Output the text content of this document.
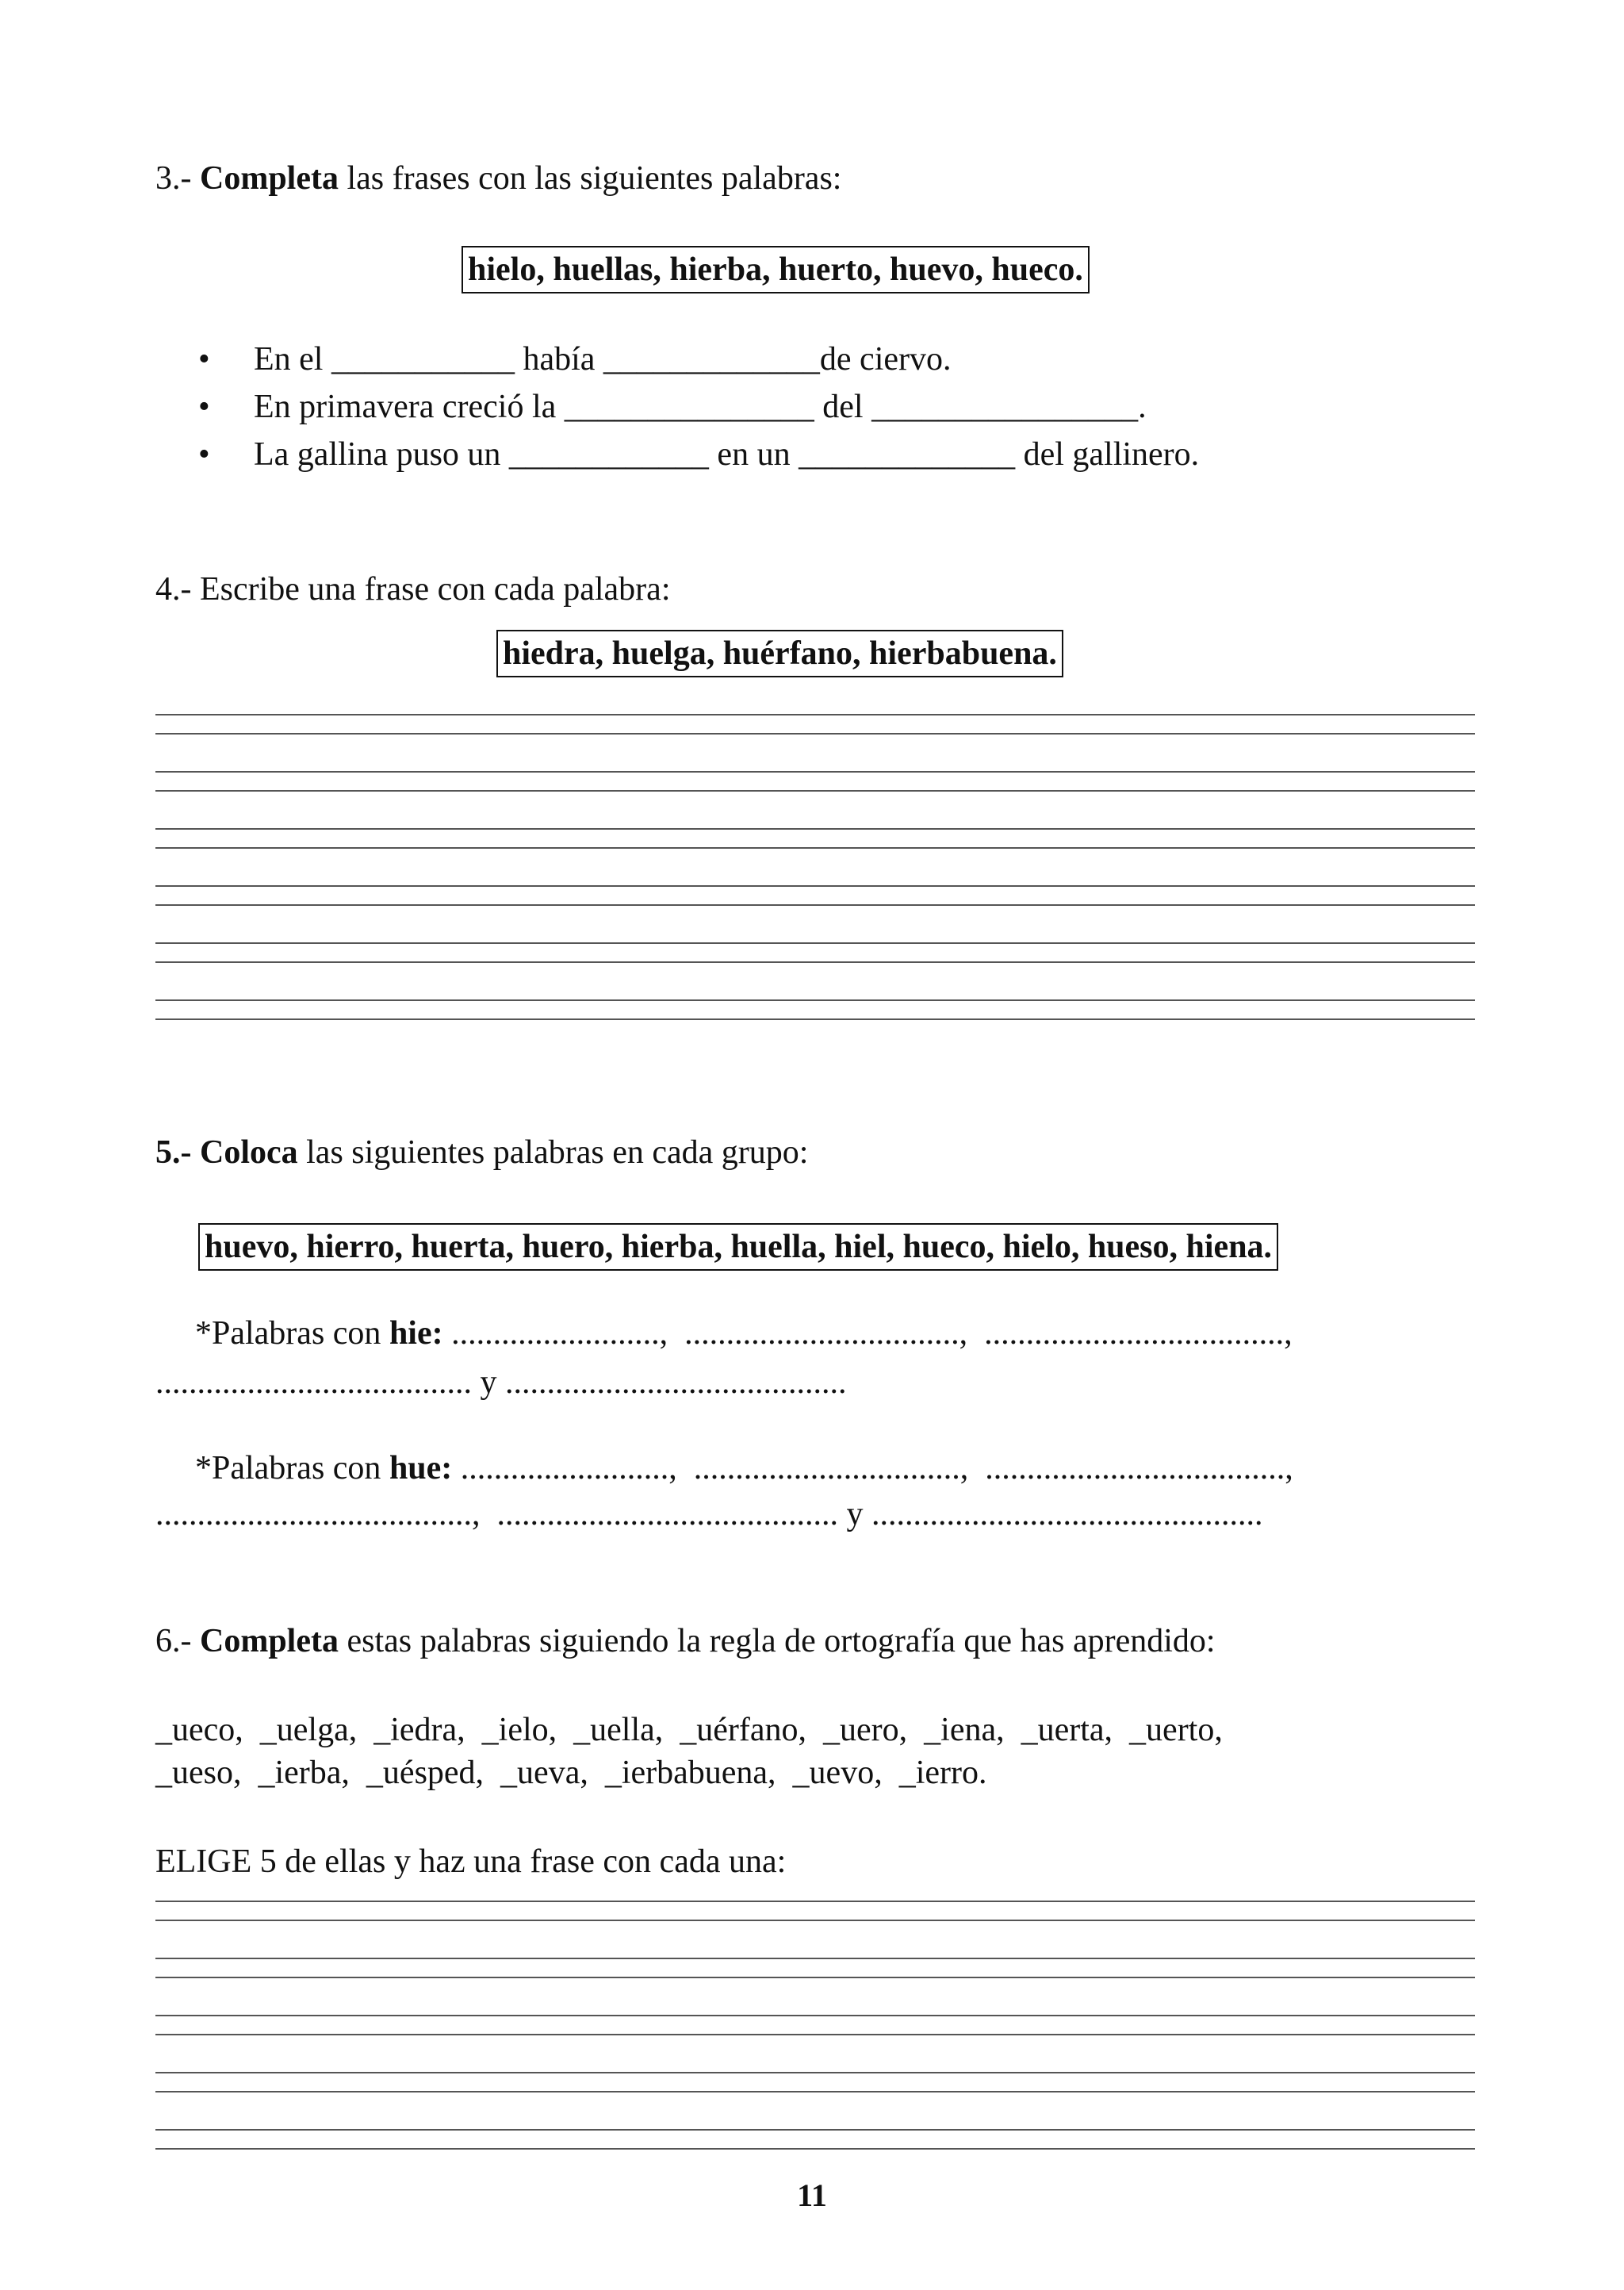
3.- Completa las frases con las siguientes palabras:
hielo, huellas, hierba, huerto, huevo, hueco.
• En el ___________ había _____________de ciervo.
• En primavera creció la _______________ del ________________.
• La gallina puso un ____________ en un _____________ del gallinero.
4.- Escribe una frase con cada palabra:
hiedra, huelga, huérfano, hierbabuena.
5.- Coloca las siguientes palabras en cada grupo:
huevo, hierro, huerta, huero, hierba, huella, hiel, hueco, hielo, hueso, hiena.
*Palabras con hie: .........................,  .................................,  ....................................,
...................................... y .........................................
*Palabras con hue: .........................,  ................................,  ....................................,
......................................,  ......................................... y ...............................................
6.- Completa estas palabras siguiendo la regla de ortografía que has aprendido:
_ueco,  _uelga,  _iedra,  _ielo,  _uella,  _uérfano,  _uero,  _iena,  _uerta,  _uerto,
_ueso,  _ierba,  _uésped,  _ueva,  _ierbabuena,  _uevo,  _ierro.
ELIGE 5 de ellas y haz una frase con cada una:
11
